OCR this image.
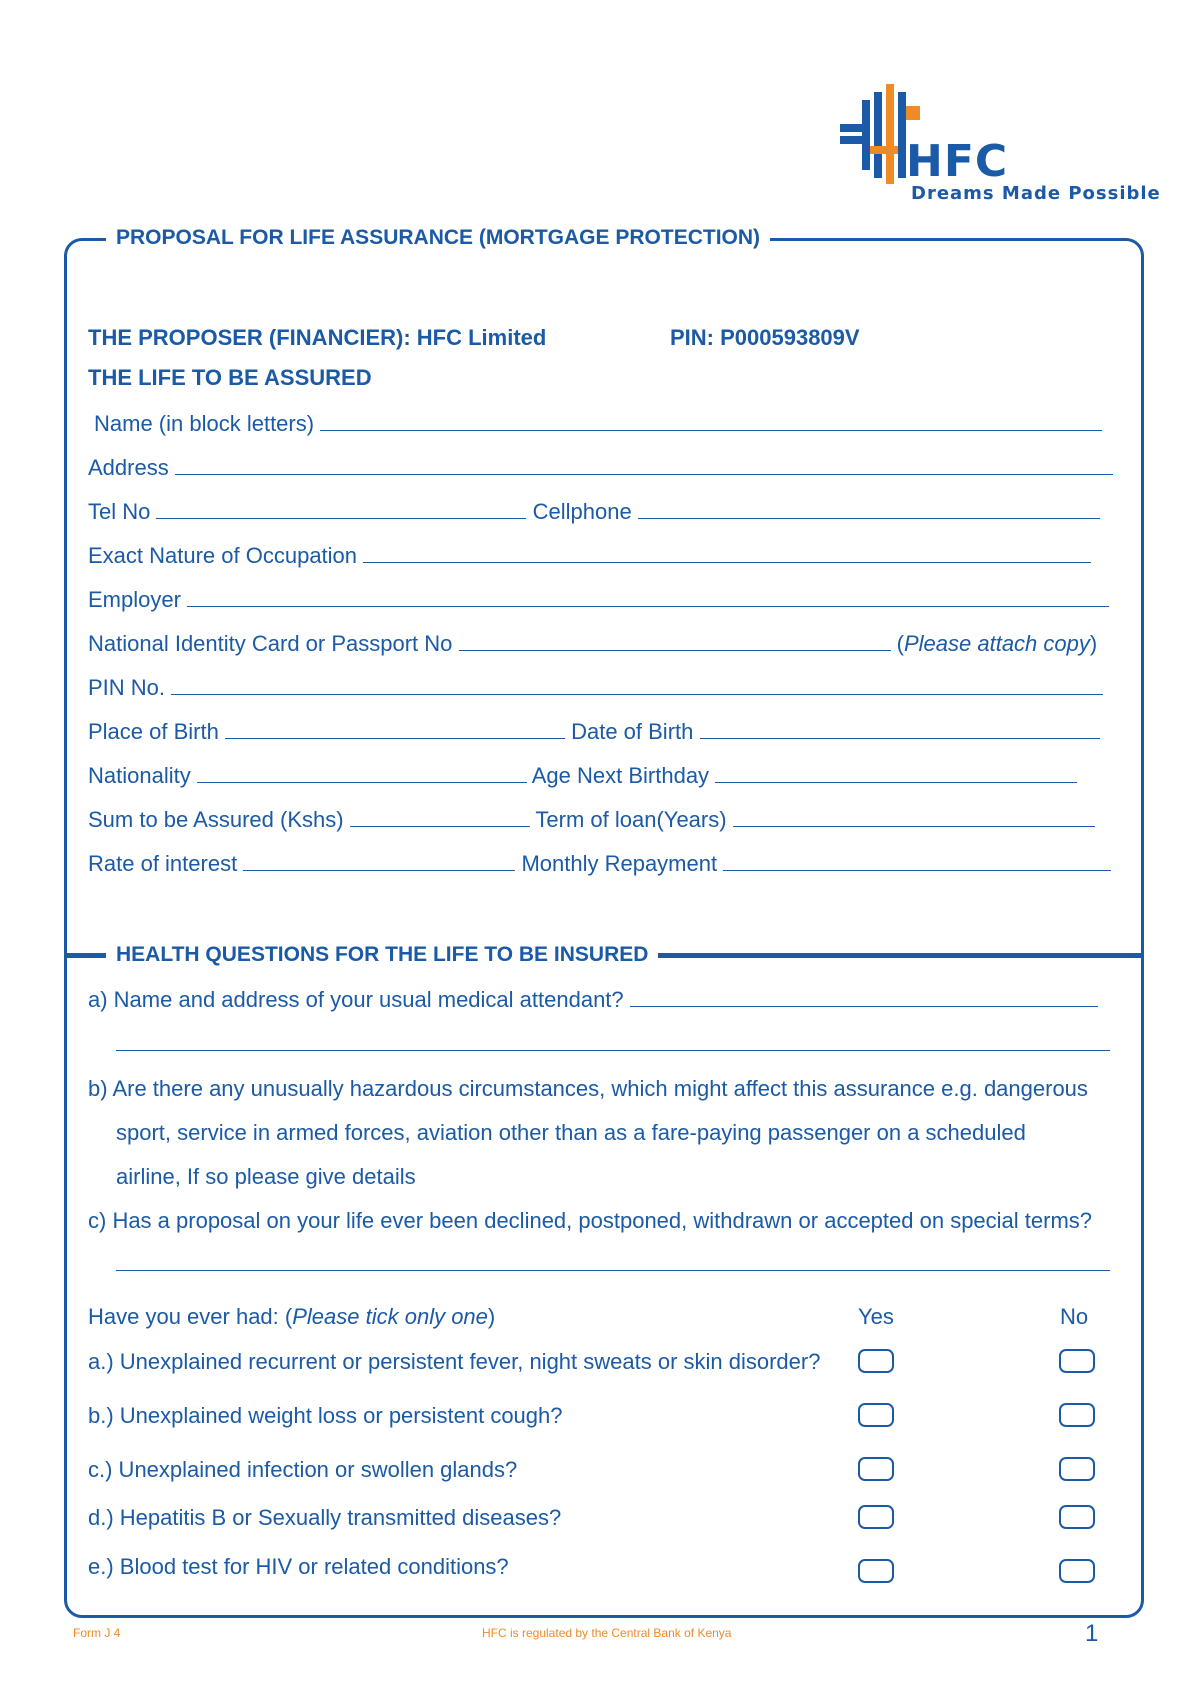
HFC
Dreams Made Possible
PROPOSAL FOR LIFE ASSURANCE (MORTGAGE PROTECTION)
THE PROPOSER (FINANCIER): HFC Limited	PIN: P000593809V
THE LIFE TO BE ASSURED
Name (in block letters)
Address
Tel No	Cellphone
Exact Nature of Occupation
Employer
National Identity Card or Passport No	(Please attach copy)
PIN No.
Place of Birth	Date of Birth
Nationality	Age Next Birthday
Sum to be Assured (Kshs)	Term of loan(Years)
Rate of interest	Monthly Repayment
HEALTH QUESTIONS FOR THE LIFE TO BE INSURED
a) Name and address of your usual medical attendant?
b) Are there any unusually hazardous circumstances, which might affect this assurance e.g. dangerous
sport, service in armed forces, aviation other than as a fare-paying passenger on a scheduled
airline, If so please give details
c) Has a proposal on your life ever been declined, postponed, withdrawn or accepted on special terms?
Have you ever had: (Please tick only one)	Yes	No
a.) Unexplained recurrent or persistent fever, night sweats or skin disorder?
b.) Unexplained weight loss or persistent cough?
c.) Unexplained infection or swollen glands?
d.) Hepatitis B or Sexually transmitted diseases?
e.) Blood test for HIV or related conditions?
Form J 4	HFC is regulated by the Central Bank of Kenya	1
